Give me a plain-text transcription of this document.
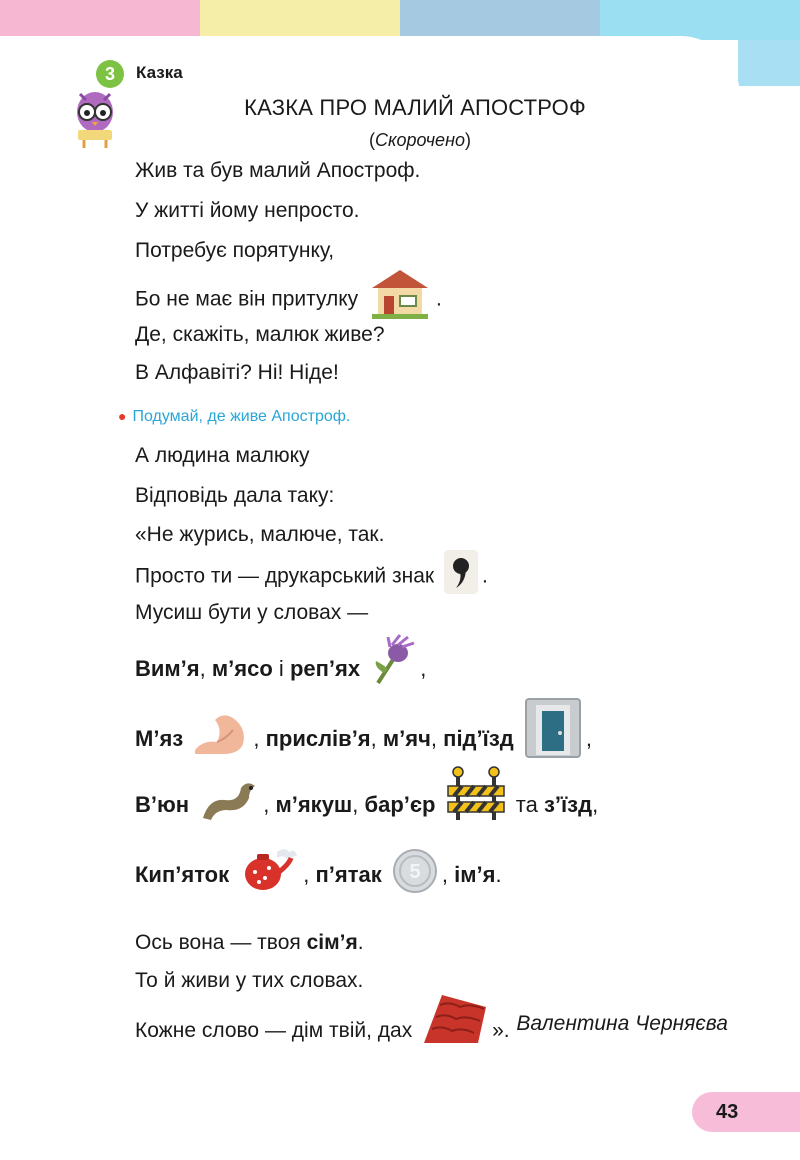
3	Казка
КАЗКА ПРО МАЛИЙ АПОСТРОФ
(Скорочено)
Жив та був малий Апостроф.
У житті йому непросто.
Потребує порятунку,
Бо не має він притулку	.
Де, скажіть, малюк живе?
В Алфавіті? Ні! Ніде!
● Подумай, де живе Апостроф.
А людина малюку
Відповідь дала таку:
«Не журись, малюче, так.
Просто ти — друкарський знак .
Мусиш бути у словах —
Вим’я, м’ясо і реп’ях	,
М’яз	, прислів’я, м’яч, під’їзд	,
В’юн	, м’якуш, бар’єр	та з’їзд,
Кип’яток	, п’ятак 5 , ім’я.
Ось вона — твоя сім’я.
То й живи у тих словах.
Кожне слово — дім твій, дах	». Валентина Черняєва
43
